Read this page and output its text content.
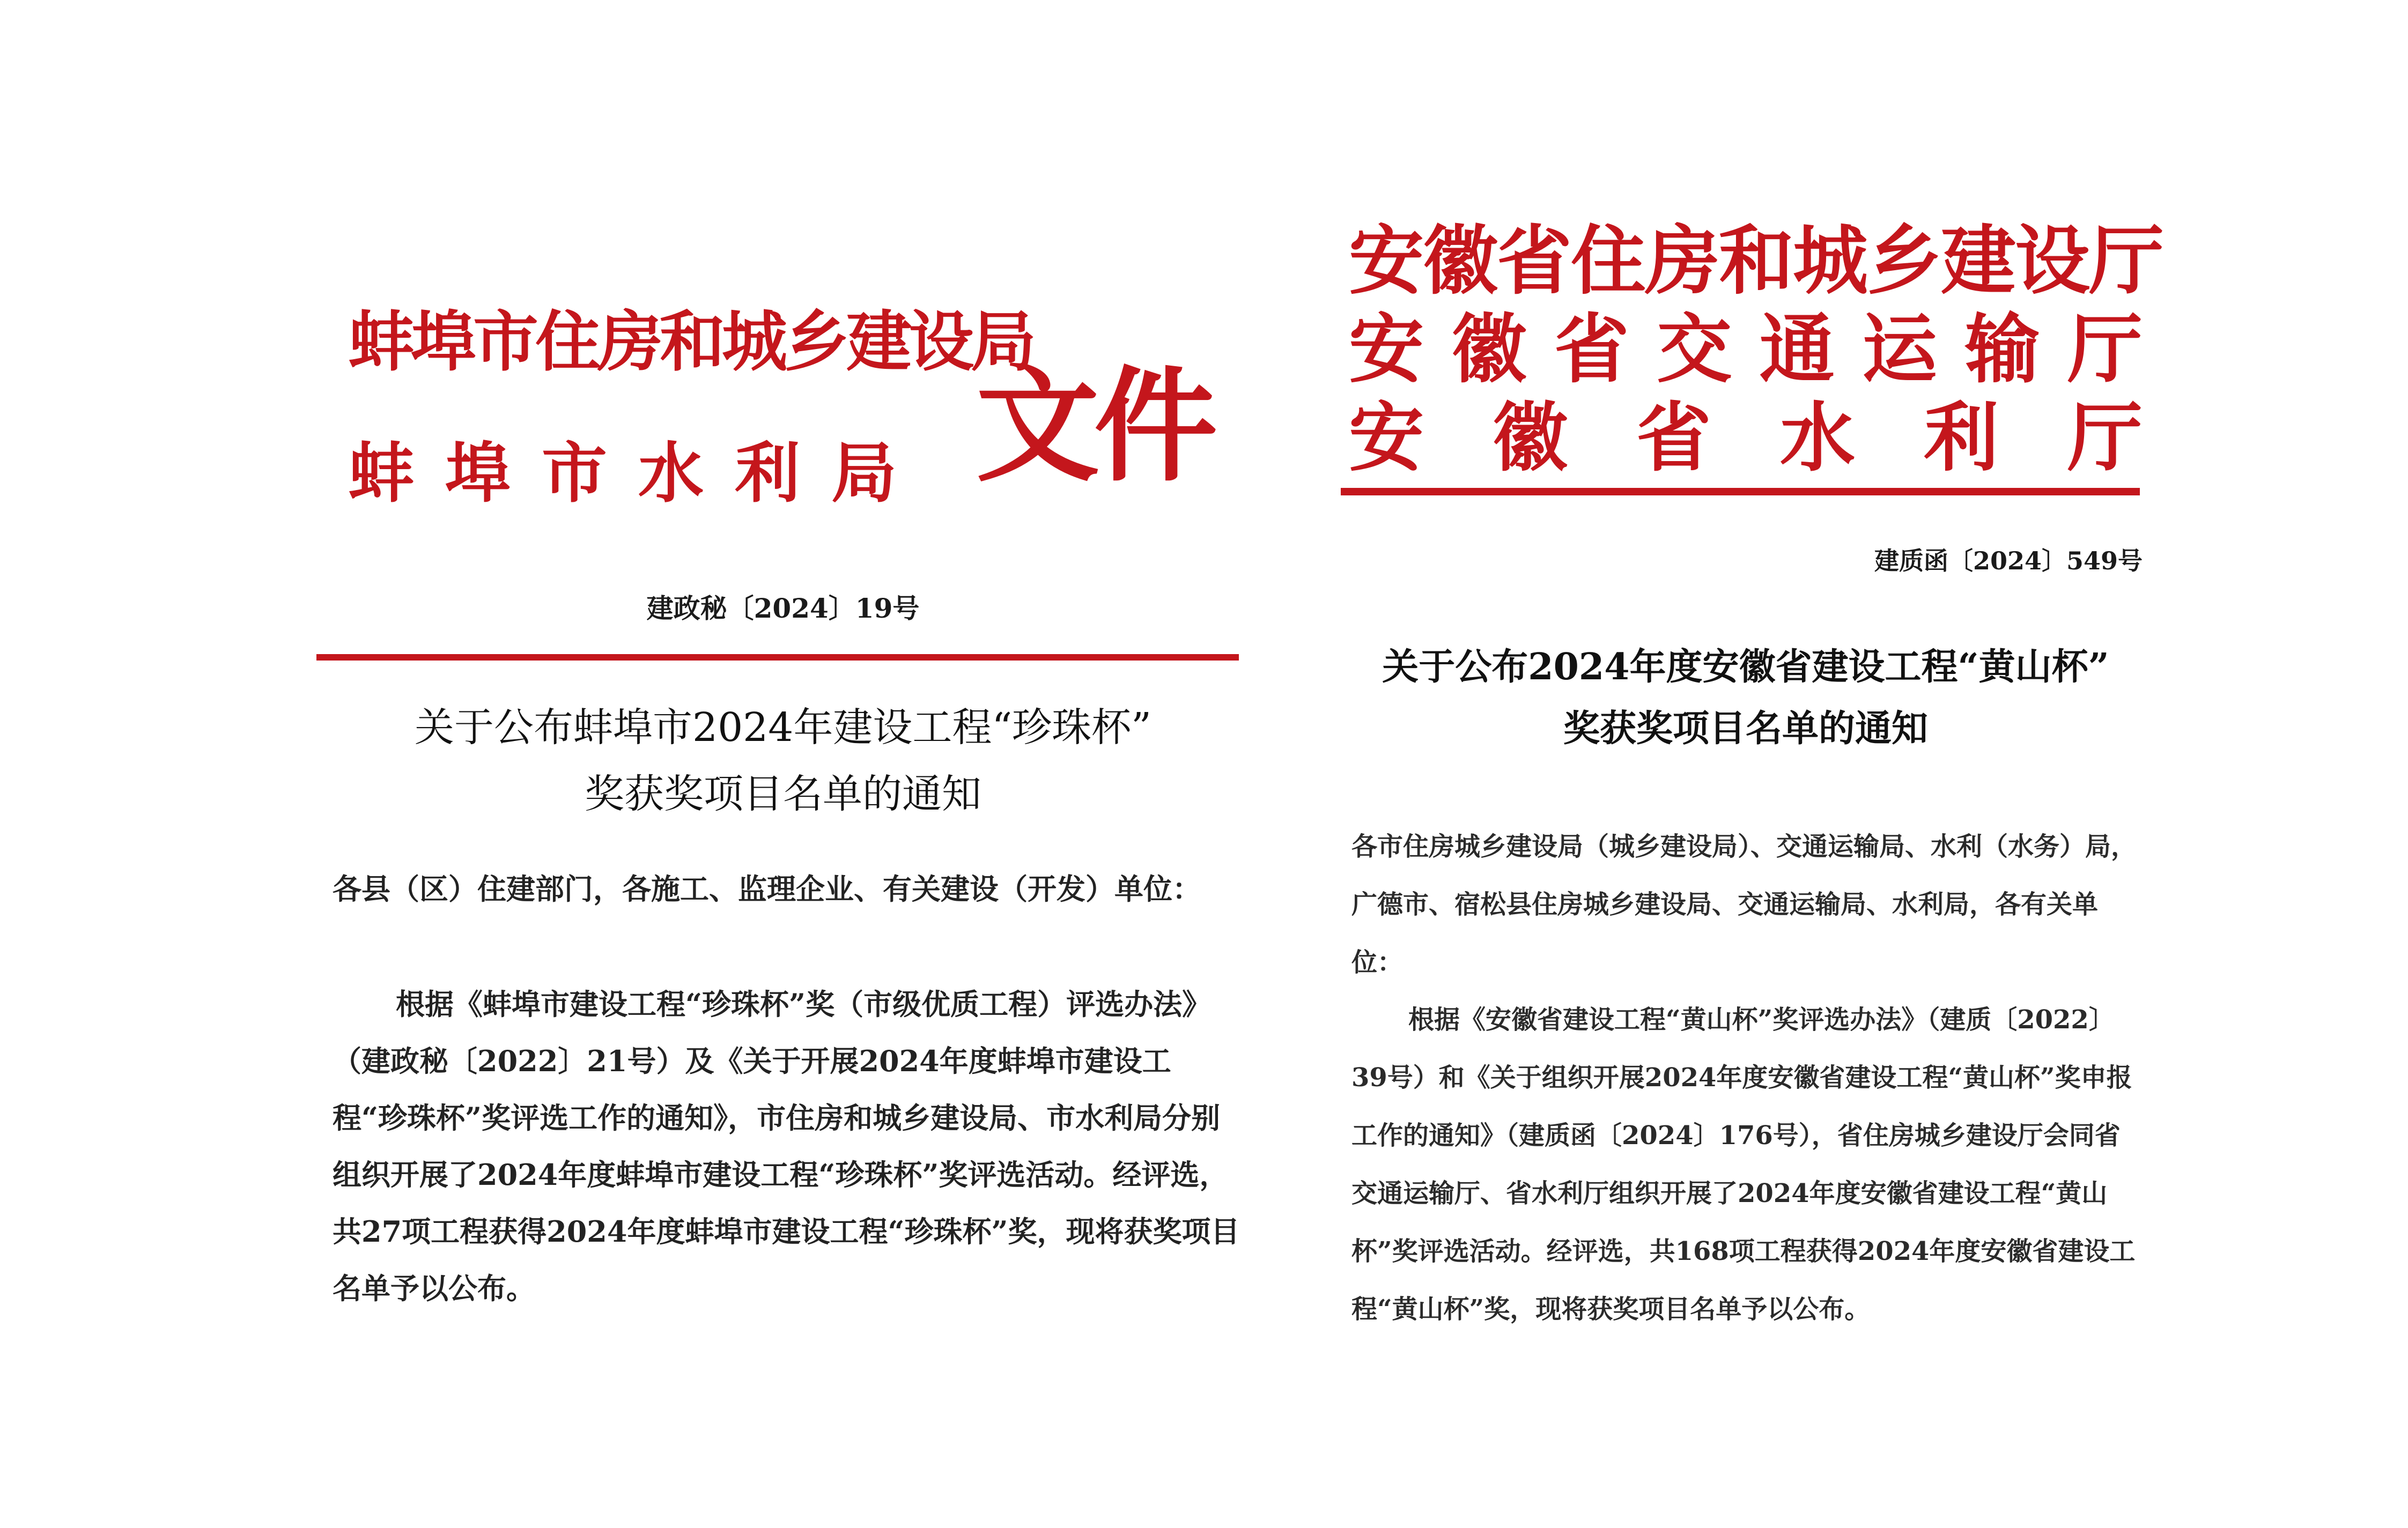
蚌埠市住房和城乡建设局
蚌埠市水利局 文件
建政秘〔2024〕19号
关于公布蚌埠市2024年建设工程“珍珠杯”
奖获奖项目名单的通知
各县（区）住建部门，各施工、监理企业、有关建设（开发）单位：
根据《蚌埠市建设工程“珍珠杯”奖（市级优质工程）评选办法》（建政秘〔2022〕21号）及《关于开展2024年度蚌埠市建设工程“珍珠杯”奖评选工作的通知》，市住房和城乡建设局、市水利局分别组织开展了2024年度蚌埠市建设工程“珍珠杯”奖评选活动。经评选，共27项工程获得2024年度蚌埠市建设工程“珍珠杯”奖，现将获奖项目名单予以公布。
安徽省住房和城乡建设厅
安徽省交通运输厅
安徽省水利厅
建质函〔2024〕549号
关于公布2024年度安徽省建设工程“黄山杯”
奖获奖项目名单的通知
各市住房城乡建设局（城乡建设局）、交通运输局、水利（水务）局，广德市、宿松县住房城乡建设局、交通运输局、水利局，各有关单位：
根据《安徽省建设工程“黄山杯”奖评选办法》（建质〔2022〕39号）和《关于组织开展2024年度安徽省建设工程“黄山杯”奖申报工作的通知》（建质函〔2024〕176号），省住房城乡建设厅会同省交通运输厅、省水利厅组织开展了2024年度安徽省建设工程“黄山杯”奖评选活动。经评选，共168项工程获得2024年度安徽省建设工程“黄山杯”奖，现将获奖项目名单予以公布。
